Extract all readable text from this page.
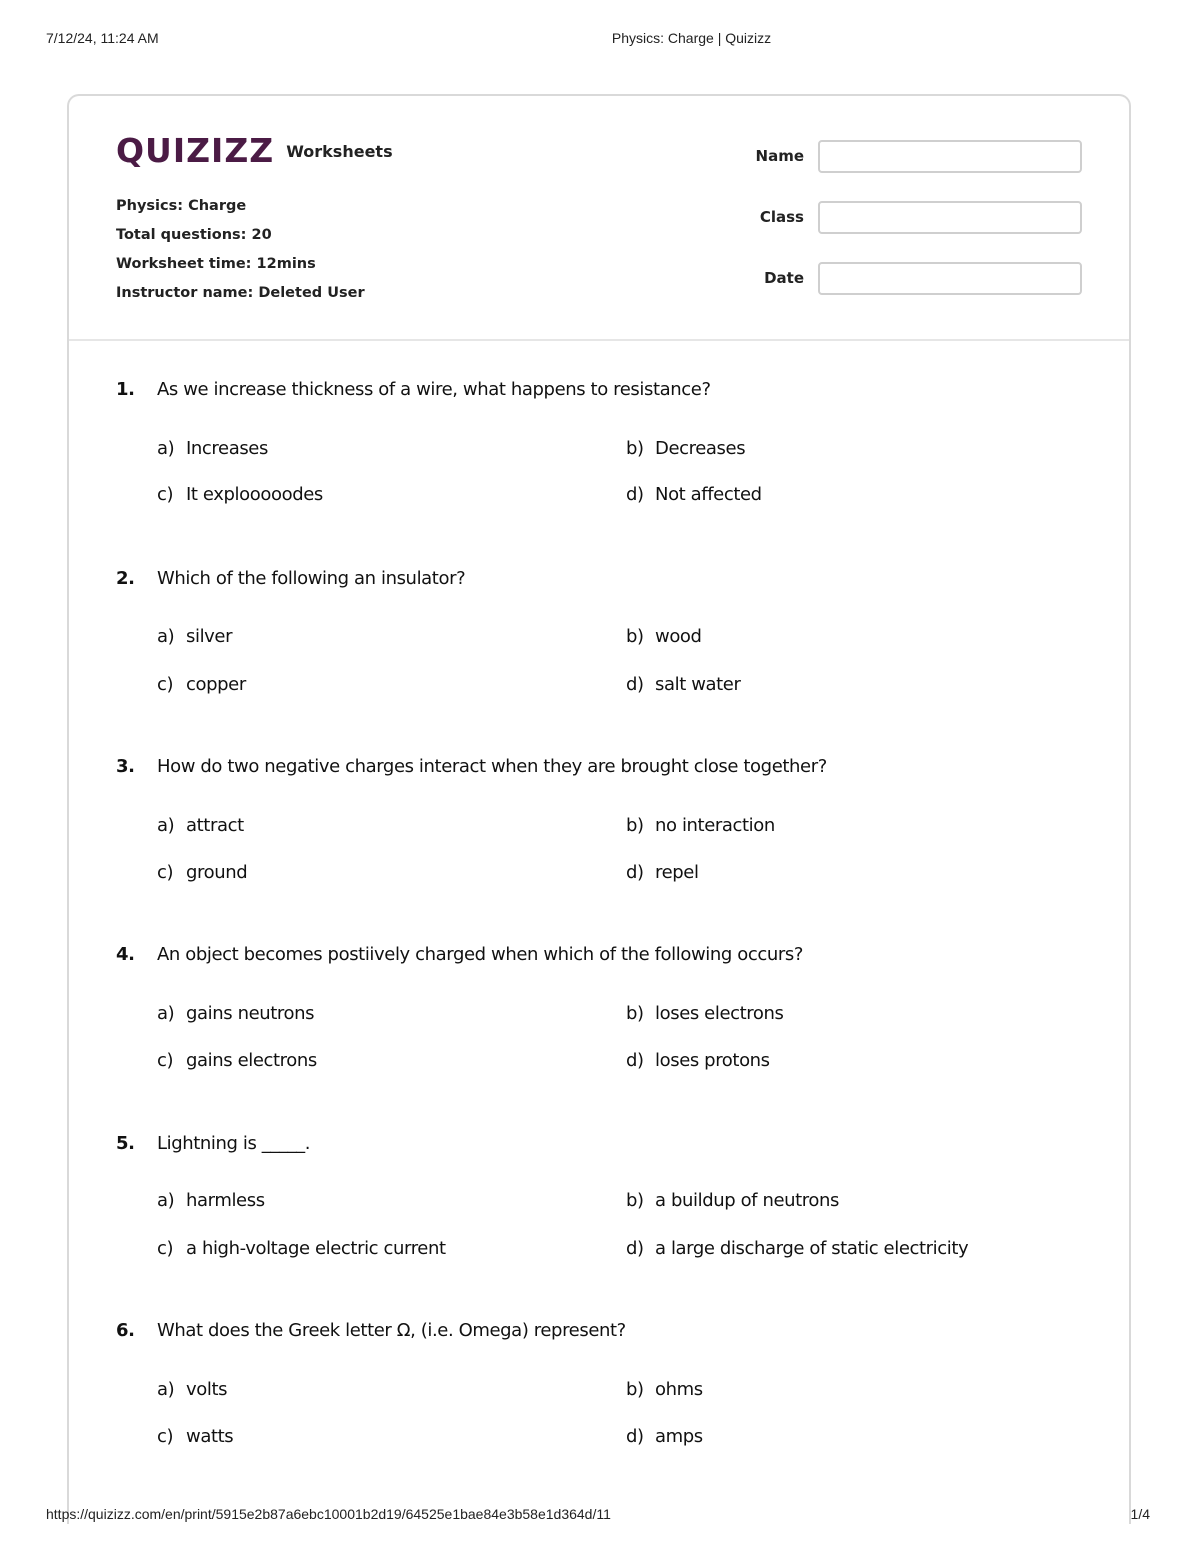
7/12/24, 11:24 AM	Physics: Charge | Quizizz
QUIZIZZ Worksheets
Physics: Charge
Total questions: 20
Worksheet time: 12mins
Instructor name: Deleted User
Name
Class
Date
1. As we increase thickness of a wire, what happens to resistance?
a) Increases	b) Decreases
c) It explooooodes	d) Not affected
2. Which of the following an insulator?
a) silver	b) wood
c) copper	d) salt water
3. How do two negative charges interact when they are brought close together?
a) attract	b) no interaction
c) ground	d) repel
4. An object becomes postiively charged when which of the following occurs?
a) gains neutrons	b) loses electrons
c) gains electrons	d) loses protons
5. Lightning is _____.
a) harmless	b) a buildup of neutrons
c) a high-voltage electric current	d) a large discharge of static electricity
6. What does the Greek letter Ω, (i.e. Omega) represent?
a) volts	b) ohms
c) watts	d) amps
https://quizizz.com/en/print/5915e2b87a6ebc10001b2d19/64525e1bae84e3b58e1d364d/11	1/4
